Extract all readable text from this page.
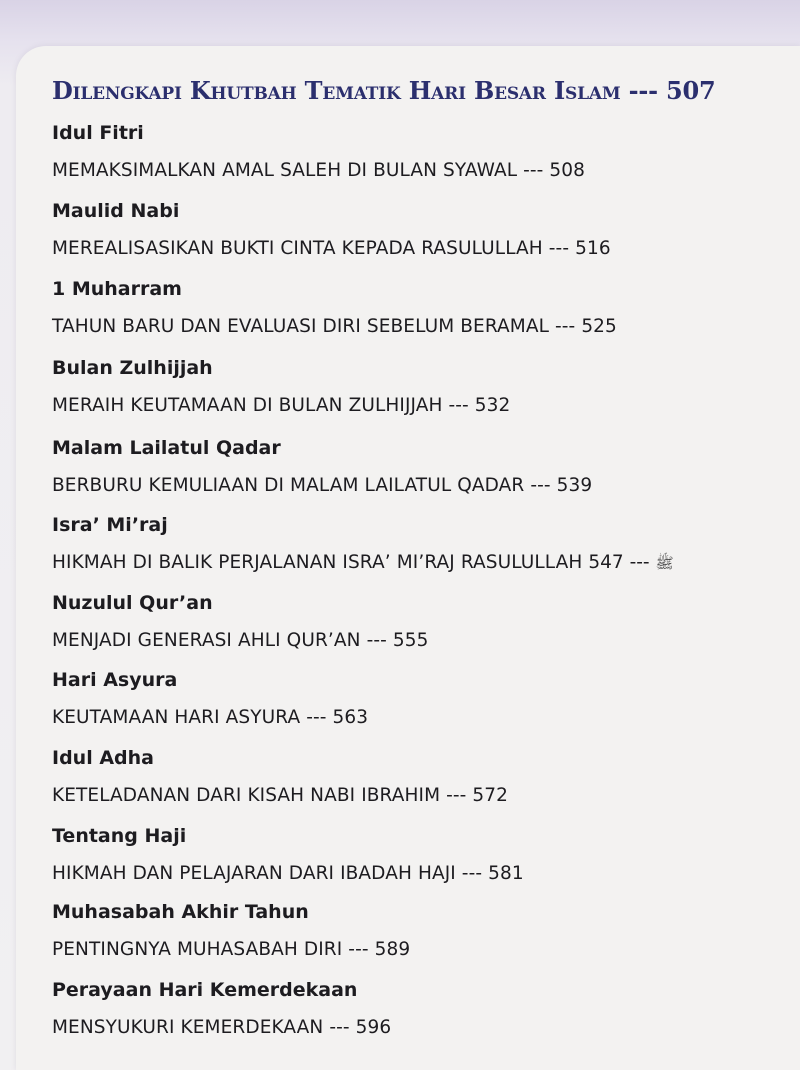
Dilengkapi Khutbah Tematik Hari Besar Islam --- 507
Idul Fitri
MEMAKSIMALKAN AMAL SALEH DI BULAN SYAWAL --- 508
Maulid Nabi
MEREALISASIKAN BUKTI CINTA KEPADA RASULULLAH --- 516
1 Muharram
TAHUN BARU DAN EVALUASI DIRI SEBELUM BERAMAL --- 525
Bulan Zulhijjah
MERAIH KEUTAMAAN DI BULAN ZULHIJJAH --- 532
Malam Lailatul Qadar
BERBURU KEMULIAAN DI MALAM LAILATUL QADAR --- 539
Isra’ Mi’raj
HIKMAH DI BALIK PERJALANAN ISRA’ MI’RAJ RASULULLAH	ﷺ --- 547
Nuzulul Qur’an
MENJADI GENERASI AHLI QUR’AN --- 555
Hari Asyura
KEUTAMAAN HARI ASYURA --- 563
Idul Adha
KETELADANAN DARI KISAH NABI IBRAHIM --- 572
Tentang Haji
HIKMAH DAN PELAJARAN DARI IBADAH HAJI --- 581
Muhasabah Akhir Tahun
PENTINGNYA MUHASABAH DIRI --- 589
Perayaan Hari Kemerdekaan
MENSYUKURI KEMERDEKAAN --- 596
